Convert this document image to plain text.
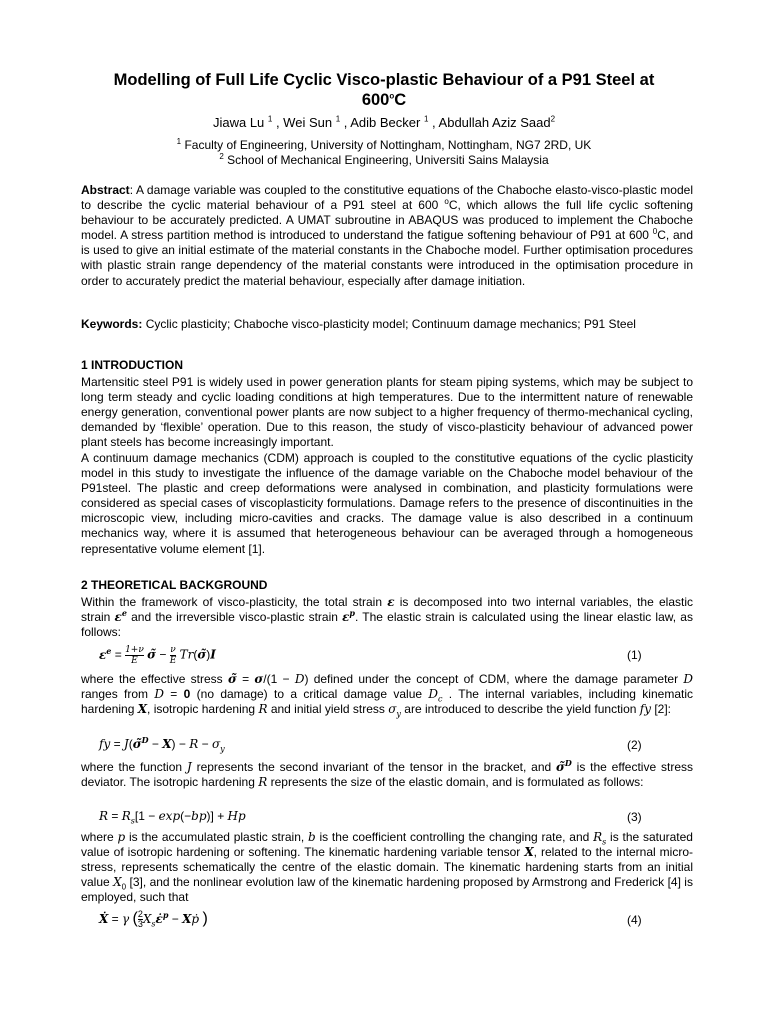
Modelling of Full Life Cyclic Visco-plastic Behaviour of a P91 Steel at
600$^o$C
Jiawa Lu $^1$ , Wei Sun $^1$ , Adib Becker $^1$ , Abdullah Aziz Saad$^2$
$^1$ Faculty of Engineering, University of Nottingham, Nottingham, NG7 2RD, UK
$^2$ School of Mechanical Engineering, Universiti Sains Malaysia
Abstract: A damage variable was coupled to the constitutive equations of the Chaboche elasto-visco-plastic model to describe the cyclic material behaviour of a P91 steel at 600 $^o$C, which allows the full life cyclic softening behaviour to be accurately predicted. A UMAT subroutine in ABAQUS was produced to implement the Chaboche model. A stress partition method is introduced to understand the fatigue softening behaviour of P91 at 600 $^0$C, and is used to give an initial estimate of the material constants in the Chaboche model. Further optimisation procedures with plastic strain range dependency of the material constants were introduced in the optimisation procedure in order to accurately predict the material behaviour, especially after damage initiation.
Keywords: Cyclic plasticity; Chaboche visco-plasticity model; Continuum damage mechanics; P91 Steel
1 INTRODUCTION
Martensitic steel P91 is widely used in power generation plants for steam piping systems, which may be subject to long term steady and cyclic loading conditions at high temperatures. Due to the intermittent nature of renewable energy generation, conventional power plants are now subject to a higher frequency of thermo-mechanical cycling, demanded by ‘flexible’ operation. Due to this reason, the study of visco-plasticity behaviour of advanced power plant steels has become increasingly important.
A continuum damage mechanics (CDM) approach is coupled to the constitutive equations of the cyclic plasticity model in this study to investigate the influence of the damage variable on the Chaboche model behaviour of the P91steel. The plastic and creep deformations were analysed in combination, and plasticity formulations were considered as special cases of viscoplasticity formulations. Damage refers to the presence of discontinuities in the microscopic view, including micro-cavities and cracks. The damage value is also described in a continuum mechanics way, where it is assumed that heterogeneous behaviour can be averaged through a homogeneous representative volume element [1].
2 THEORETICAL BACKGROUND
Within the framework of visco-plasticity, the total strain ε is decomposed into two internal variables, the elastic strain $\varepsilon^e$ and the irreversible visco-plastic strain $\varepsilon^p$. The elastic strain is calculated using the linear elastic law, as follows:
$\varepsilon^e = \frac{1+\nu}{E}$ σ̃ − $\frac{\nu}{E}$ Tr(σ̃)I	(1)
where the effective stress σ̃ = σ/(1 − D) defined under the concept of CDM, where the damage parameter D ranges from D = 0 (no damage) to a critical damage value $D_c$ . The internal variables, including kinematic hardening X, isotropic hardening R and initial yield stress $\sigma_y$ are introduced to describe the yield function fy [2]:
fy = J(σ̃$^D$ − $X) - R - \sigma_y$	(2)
where the function J represents the second invariant of the tensor in the bracket, and σ̃$^D$ is the effective stress deviator. The isotropic hardening R represents the size of the elastic domain, and is formulated as follows:
$R = R_s[1 - \exp(-bp)] + Hp$	(3)
where p is the accumulated plastic strain, b is the coefficient controlling the changing rate, and $R_s$ is the saturated value of isotropic hardening or softening. The kinematic hardening variable tensor X, related to the internal micro-stress, represents schematically the centre of the elastic domain. The kinematic hardening starts from an initial value $X_0$ [3], and the nonlinear evolution law of the kinematic hardening proposed by Armstrong and Frederick [4] is employed, such that
Ẋ = γ (2

3 $X_s\varepsiloṅ^p$ − Xṗ )	(4)
